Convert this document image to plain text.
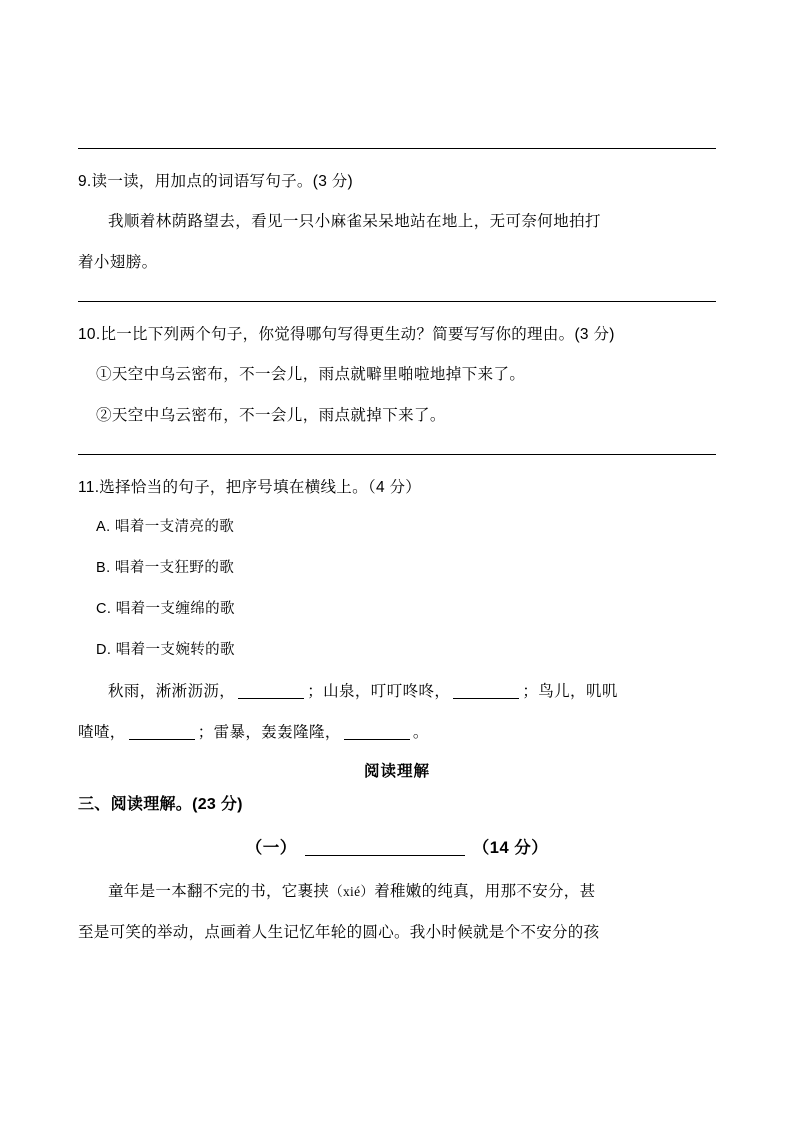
9.读一读，用加点的词语写句子。(3 分)
我顺着林荫路望去，看见一只小麻雀呆呆地站在地上，无可奈何地拍打
着小翅膀。
10.比一比下列两个句子，你觉得哪句写得更生动？简要写写你的理由。(3 分)
①天空中乌云密布，不一会儿，雨点就噼里啪啦地掉下来了。
②天空中乌云密布，不一会儿，雨点就掉下来了。
11.选择恰当的句子，把序号填在横线上。（4 分）
A. 唱着一支清亮的歌
B. 唱着一支狂野的歌
C. 唱着一支缠绵的歌
D. 唱着一支婉转的歌
秋雨，淅淅沥沥，	；山泉，叮叮咚咚，	；鸟儿，叽叽
喳喳，	；雷暴，轰轰隆隆，	。
阅读理解
三、阅读理解。(23 分)
（一）	（14 分）
童年是一本翻不完的书，它裹挟（xié）着稚嫩的纯真，用那不安分，甚
至是可笑的举动，点画着人生记忆年轮的圆心。我小时候就是个不安分的孩
